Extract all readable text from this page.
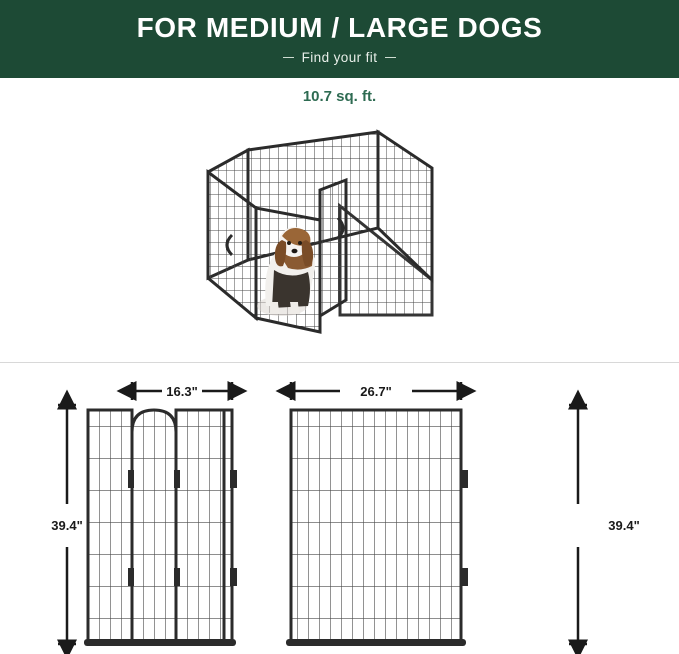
FOR MEDIUM / LARGE DOGS
Find your fit
10.7 sq. ft.
16.3"	26.7"
39.4"	39.4"
